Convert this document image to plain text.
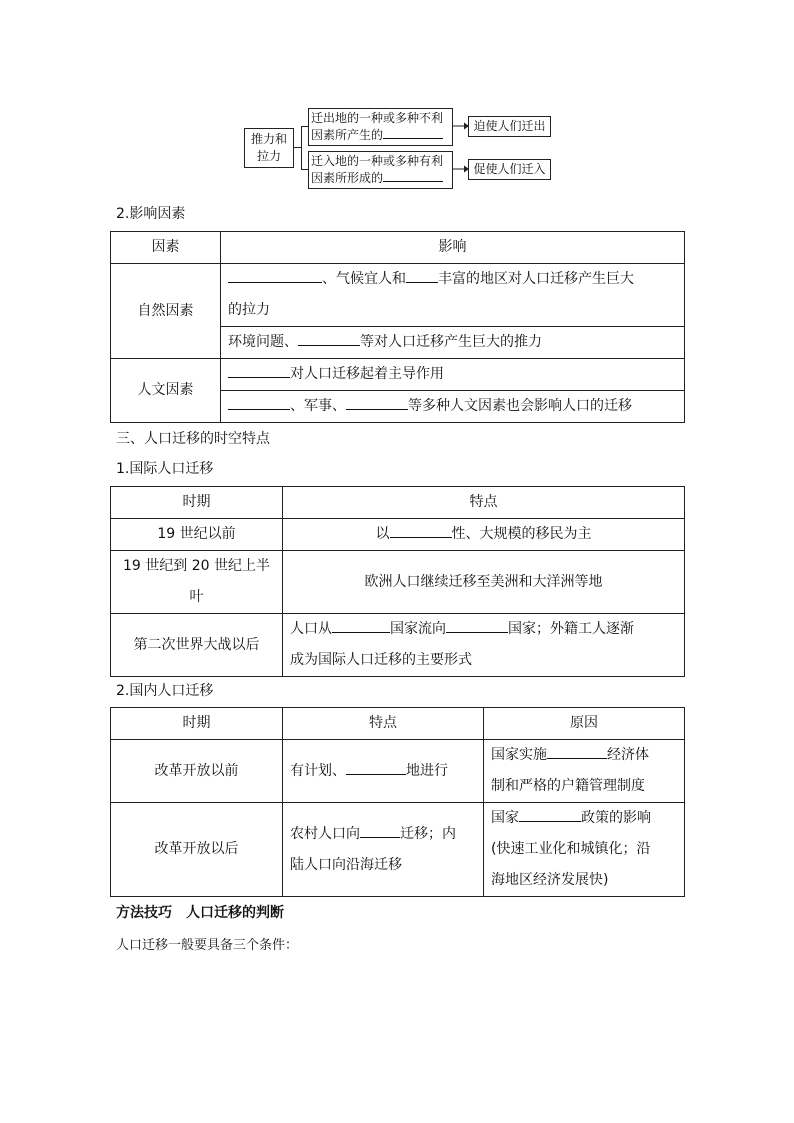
推力和
拉力
迁出地的一种或多种不利
因素所产生的
迁入地的一种或多种有利
因素所形成的
迫使人们迁出
促使人们迁入
2.影响因素
因素	影响
自然因素	、气候宜人和 丰富的地区对人口迁移产生巨大
的拉力
	环境问题、 等对人口迁移产生巨大的推力
人文因素	对人口迁移起着主导作用
	、军事、 等多种人文因素也会影响人口的迁移
三、人口迁移的时空特点
1.国际人口迁移
时期	特点
19 世纪以前	以 性、大规模的移民为主
19 世纪到 20 世纪上半
叶	欧洲人口继续迁移至美洲和大洋洲等地
第二次世界大战以后	人口从 国家流向 国家；外籍工人逐渐
成为国际人口迁移的主要形式
2.国内人口迁移
时期	特点	原因
改革开放以前	有计划、 地进行	国家实施 经济体
制和严格的户籍管理制度
改革开放以后	农村人口向 迁移；内
陆人口向沿海迁移	国家 政策的影响
(快速工业化和城镇化；沿
海地区经济发展快)
方法技巧　人口迁移的判断
人口迁移一般要具备三个条件：
